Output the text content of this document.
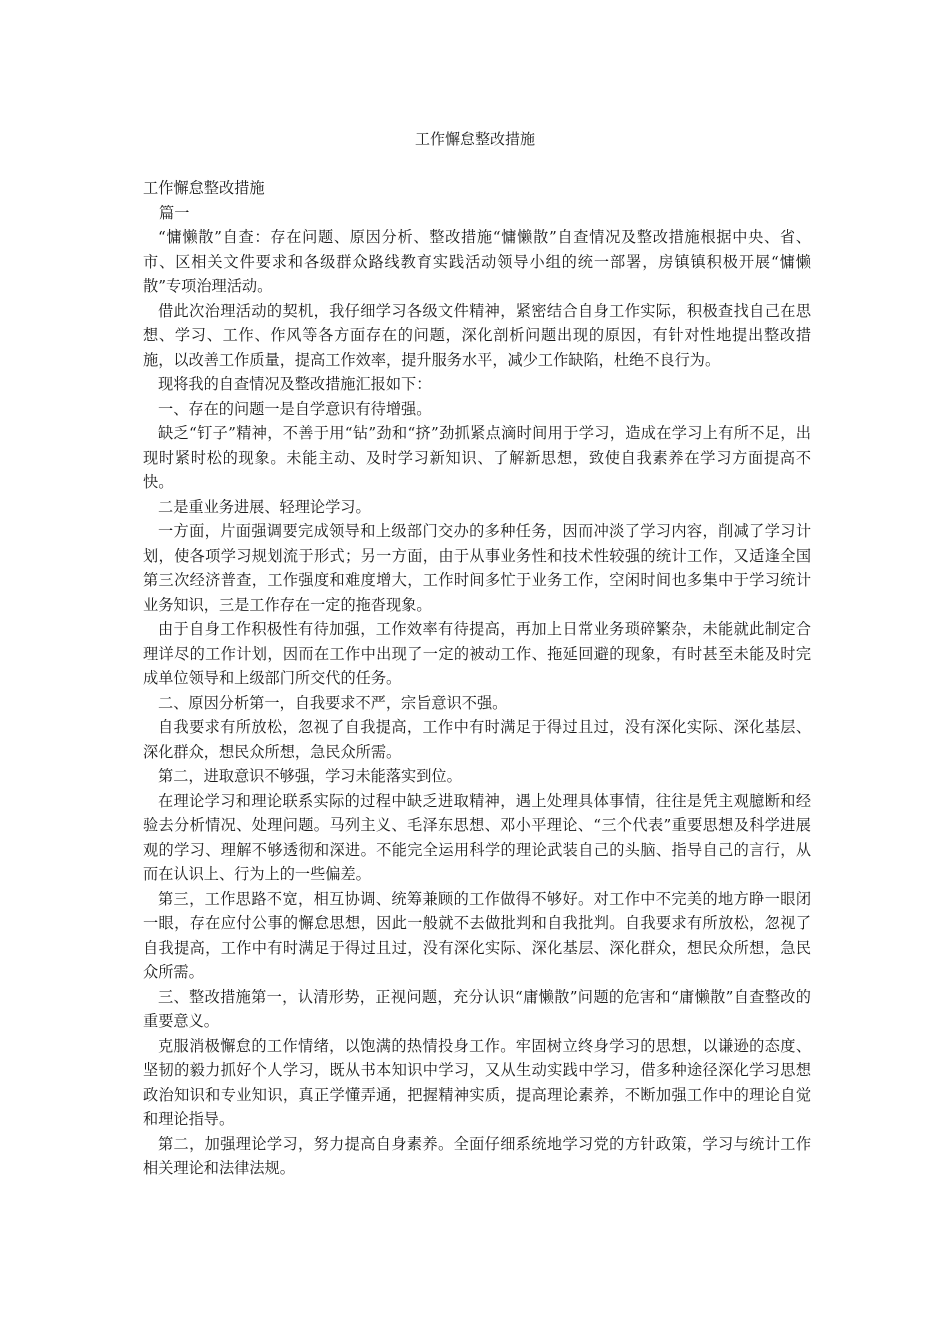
工作懈怠整改措施

工作懈怠整改措施

篇一

“慵懒散”自查：存在问题、原因分析、整改措施“慵懒散”自查情况及整改措施根据中央、省、市、区相关文件要求和各级群众路线教育实践活动领导小组的统一部署，房镇镇积极开展“慵懒散”专项治理活动。

借此次治理活动的契机，我仔细学习各级文件精神，紧密结合自身工作实际，积极查找自己在思想、学习、工作、作风等各方面存在的问题，深化剖析问题出现的原因，有针对性地提出整改措施，以改善工作质量，提高工作效率，提升服务水平，减少工作缺陷，杜绝不良行为。

现将我的自查情况及整改措施汇报如下：

一、存在的问题一是自学意识有待增强。

缺乏“钉子”精神，不善于用“钻”劲和“挤”劲抓紧点滴时间用于学习，造成在学习上有所不足，出现时紧时松的现象。未能主动、及时学习新知识、了解新思想，致使自我素养在学习方面提高不快。

二是重业务进展、轻理论学习。

一方面，片面强调要完成领导和上级部门交办的多种任务，因而冲淡了学习内容，削减了学习计划，使各项学习规划流于形式；另一方面，由于从事业务性和技术性较强的统计工作，又适逢全国第三次经济普查，工作强度和难度增大，工作时间多忙于业务工作，空闲时间也多集中于学习统计业务知识，三是工作存在一定的拖沓现象。

由于自身工作积极性有待加强，工作效率有待提高，再加上日常业务琐碎繁杂，未能就此制定合理详尽的工作计划，因而在工作中出现了一定的被动工作、拖延回避的现象，有时甚至未能及时完成单位领导和上级部门所交代的任务。

二、原因分析第一，自我要求不严，宗旨意识不强。

自我要求有所放松，忽视了自我提高，工作中有时满足于得过且过，没有深化实际、深化基层、深化群众，想民众所想，急民众所需。

第二，进取意识不够强，学习未能落实到位。

在理论学习和理论联系实际的过程中缺乏进取精神，遇上处理具体事情，往往是凭主观臆断和经验去分析情况、处理问题。马列主义、毛泽东思想、邓小平理论、“三个代表”重要思想及科学进展观的学习、理解不够透彻和深进。不能完全运用科学的理论武装自己的头脑、指导自己的言行，从而在认识上、行为上的一些偏差。

第三，工作思路不宽，相互协调、统筹兼顾的工作做得不够好。对工作中不完美的地方睁一眼闭一眼，存在应付公事的懈怠思想，因此一般就不去做批判和自我批判。自我要求有所放松，忽视了自我提高，工作中有时满足于得过且过，没有深化实际、深化基层、深化群众，想民众所想，急民众所需。

三、整改措施第一，认清形势，正视问题，充分认识“庸懒散”问题的危害和“庸懒散”自查整改的重要意义。

克服消极懈怠的工作情绪，以饱满的热情投身工作。牢固树立终身学习的思想，以谦逊的态度、坚韧的毅力抓好个人学习，既从书本知识中学习，又从生动实践中学习，借多种途径深化学习思想政治知识和专业知识，真正学懂弄通，把握精神实质，提高理论素养，不断加强工作中的理论自觉和理论指导。

第二，加强理论学习，努力提高自身素养。全面仔细系统地学习党的方针政策，学习与统计工作相关理论和法律法规。
